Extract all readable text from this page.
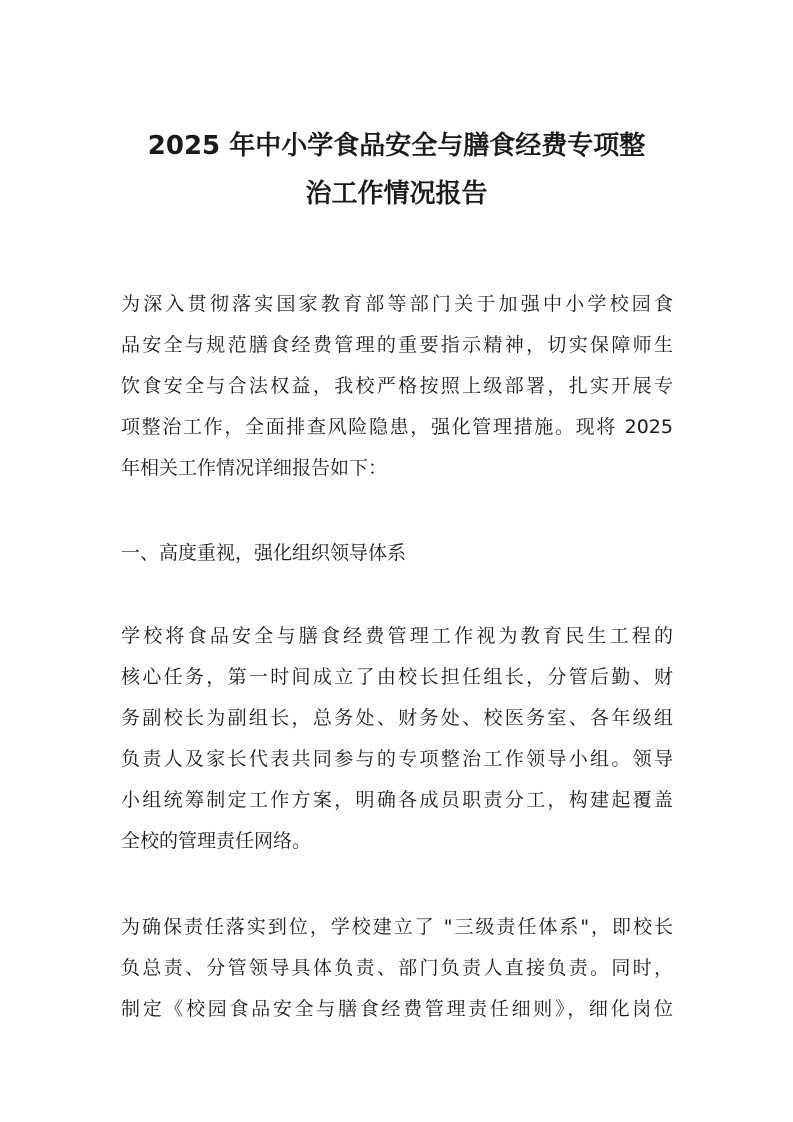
2025 年中小学食品安全与膳食经费专项整
治工作情况报告
为深入贯彻落实国家教育部等部门关于加强中小学校园食
品安全与规范膳食经费管理的重要指示精神，切实保障师生
饮食安全与合法权益，我校严格按照上级部署，扎实开展专
项整治工作，全面排查风险隐患，强化管理措施。现将 2025
年相关工作情况详细报告如下：
一、高度重视，强化组织领导体系
学校将食品安全与膳食经费管理工作视为教育民生工程的
核心任务，第一时间成立了由校长担任组长，分管后勤、财
务副校长为副组长，总务处、财务处、校医务室、各年级组
负责人及家长代表共同参与的专项整治工作领导小组。领导
小组统筹制定工作方案，明确各成员职责分工，构建起覆盖
全校的管理责任网络。
为确保责任落实到位，学校建立了 "三级责任体系"，即校长
负总责、分管领导具体负责、部门负责人直接负责。同时，
制定《校园食品安全与膳食经费管理责任细则》，细化岗位
